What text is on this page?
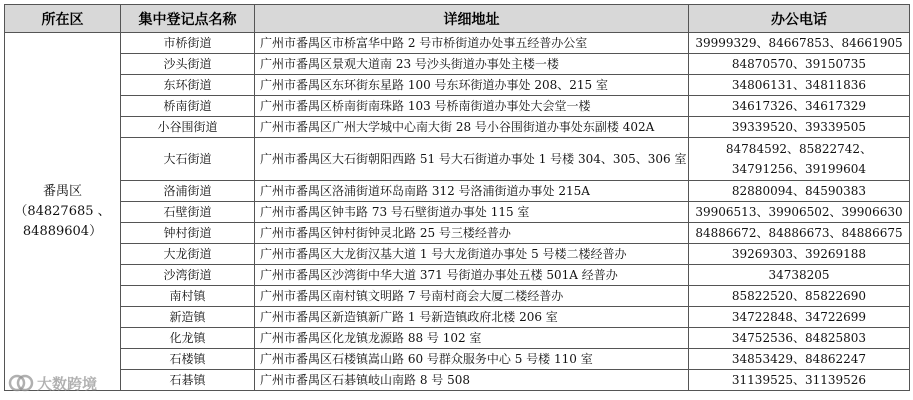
所在区	集中登记点名称	详细地址	办公电话

番禺区
（84827685 、
84889604）	市桥街道	广州市番禺区市桥富华中路 2 号市桥街道办处事五经普办公室	39999329、84667853、84661905
	沙头街道	广州市番禺区景观大道南 23 号沙头街道办事处主楼一楼	84870570、39150735
	东环街道	广州市番禺区东环街东星路 100 号东环街道办事处 208、215 室	34806131、34811836
	桥南街道	广州市番禺区桥南街南珠路 103 号桥南街道办事处大会堂一楼	34617326、34617329
	小谷围街道	广州市番禺区广州大学城中心南大街 28 号小谷围街道办事处东副楼 402A	39339520、39339505
	大石街道	广州市番禺区大石街朝阳西路 51 号大石街道办事处 1 号楼 304、305、306 室	84784592、85822742、
34791256、39199604

	洛浦街道	广州市番禺区洛浦街道环岛南路 312 号洛浦街道办事处 215A	82880094、84590383
	石壁街道	广州市番禺区钟韦路 73 号石壁街道办事处 115 室	39906513、39906502、39906630
	钟村街道	广州市番禺区钟村街钟灵北路 25 号三楼经普办	84886672、84886673、84886675
	大龙街道	广州市番禺区大龙街汉基大道 1 号大龙街道办事处 5 号楼二楼经普办	39269303、39269188
	沙湾街道	广州市番禺区沙湾街中华大道 371 号街道办事处五楼 501A 经普办	34738205
	南村镇	广州市番禺区南村镇文明路 7 号南村商会大厦二楼经普办	85822520、85822690
	新造镇	广州市番禺区新造镇新广路 1 号新造镇政府北楼 206 室	34722848、34722699
	化龙镇	广州市番禺区化龙镇龙源路 88 号 102 室	34752536、84825803
	石楼镇	广州市番禺区石楼镇嵩山路 60 号群众服务中心 5 号楼 110 室	34853429、84862247
	石碁镇	广州市番禺区石碁镇岐山南路 8 号 508	31139525、31139526
大数跨境
